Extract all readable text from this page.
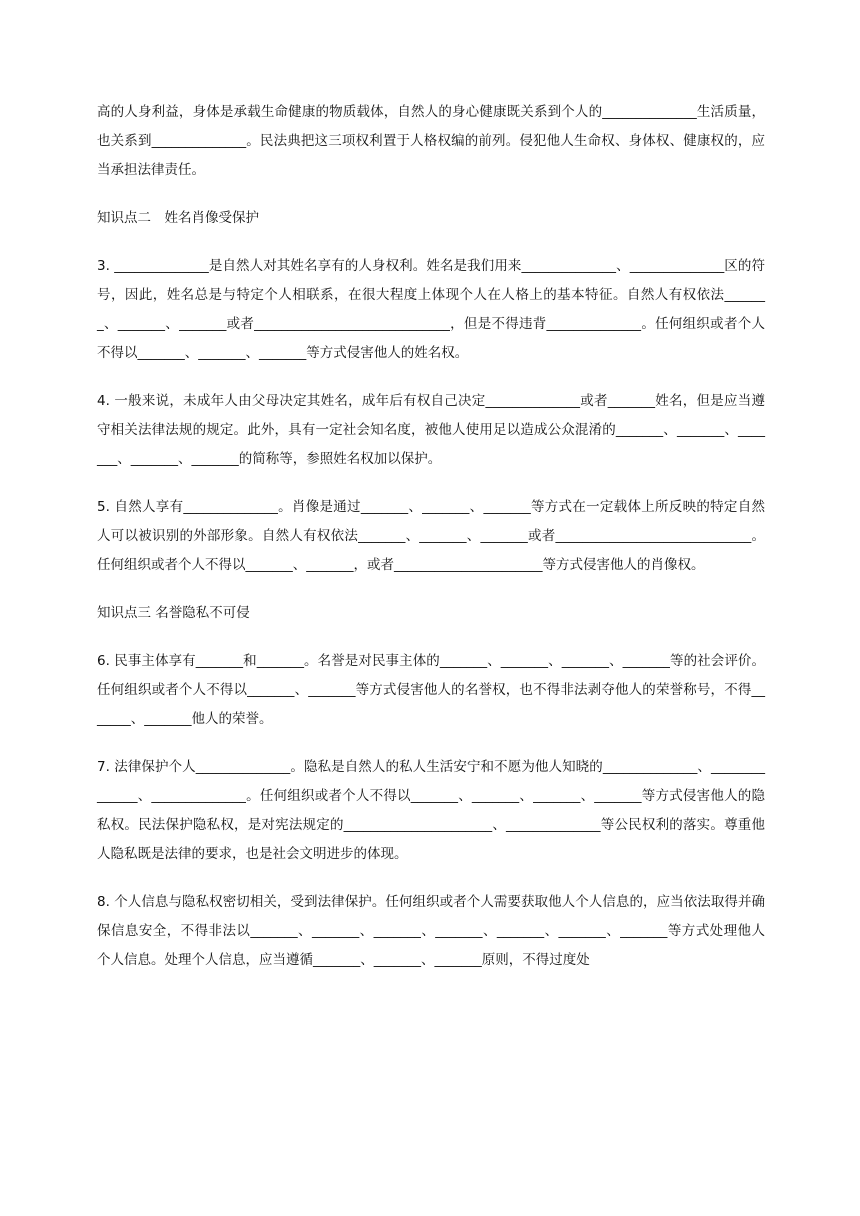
高的人身利益，身体是承载生命健康的物质载体，自然人的身心健康既关系到个人的______________生活质量，也关系到______________。民法典把这三项权利置于人格权编的前列。侵犯他人生命权、身体权、健康权的，应当承担法律责任。

知识点二　姓名肖像受保护

3. ______________是自然人对其姓名享有的人身权利。姓名是我们用来______________、______________区的符号，因此，姓名总是与特定个人相联系，在很大程度上体现个人在人格上的基本特征。自然人有权依法_______、_______、_______或者_____________________________，但是不得违背______________。任何组织或者个人不得以_______、_______、_______等方式侵害他人的姓名权。

4. 一般来说，未成年人由父母决定其姓名，成年后有权自己决定______________或者_______姓名，但是应当遵守相关法律法规的规定。此外，具有一定社会知名度，被他人使用足以造成公众混淆的_______、_______、_______、_______、_______的简称等，参照姓名权加以保护。

5. 自然人享有______________。肖像是通过_______、_______、_______等方式在一定载体上所反映的特定自然人可以被识别的外部形象。自然人有权依法_______、_______、_______或者_____________________________。任何组织或者个人不得以_______、_______，或者______________________等方式侵害他人的肖像权。

知识点三 名誉隐私不可侵

6. 民事主体享有_______和_______。名誉是对民事主体的_______、_______、_______、_______等的社会评价。任何组织或者个人不得以_______、_______等方式侵害他人的名誉权，也不得非法剥夺他人的荣誉称号，不得_______、_______他人的荣誉。

7. 法律保护个人______________。隐私是自然人的私人生活安宁和不愿为他人知晓的______________、______________、______________。任何组织或者个人不得以_______、_______、_______、_______等方式侵害他人的隐私权。民法保护隐私权，是对宪法规定的______________________、______________等公民权利的落实。尊重他人隐私既是法律的要求，也是社会文明进步的体现。

8. 个人信息与隐私权密切相关，受到法律保护。任何组织或者个人需要获取他人个人信息的，应当依法取得并确保信息安全，不得非法以_______、_______、_______、_______、_______、_______、_______等方式处理他人个人信息。处理个人信息，应当遵循_______、_______、_______原则，不得过度处
